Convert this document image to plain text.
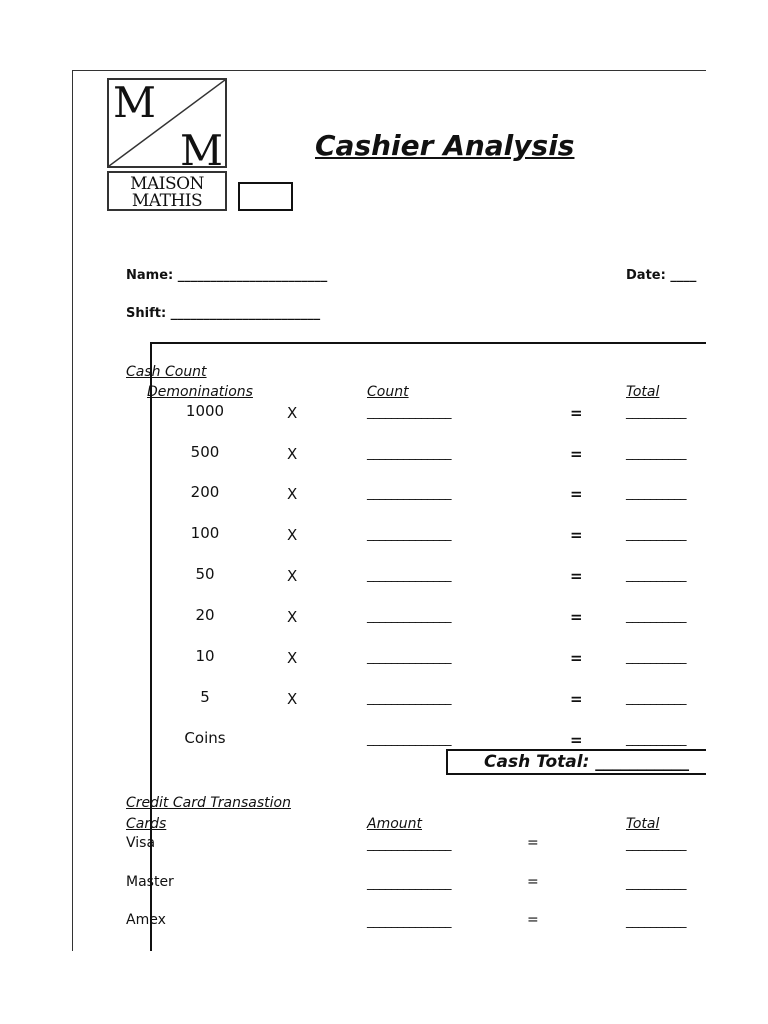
M
M
MAISON
MATHIS
Cashier Analysis
Name: _______________________	Date: ____
Shift: _______________________
Cash Count
Demoninations	Count	Total
1000	X	______________	=	__________
500	X	______________	=	__________
200	X	______________	=	__________
100	X	______________	=	__________
50	X	______________	=	__________
20	X	______________	=	__________
10	X	______________	=	__________
5	X	______________	=	__________
Coins	______________	=	__________
Cash Total: ___________
Credit Card Transastion
Cards	Amount	Total
Visa	______________	=	__________
Master	______________	=	__________
Amex	______________	=	__________
